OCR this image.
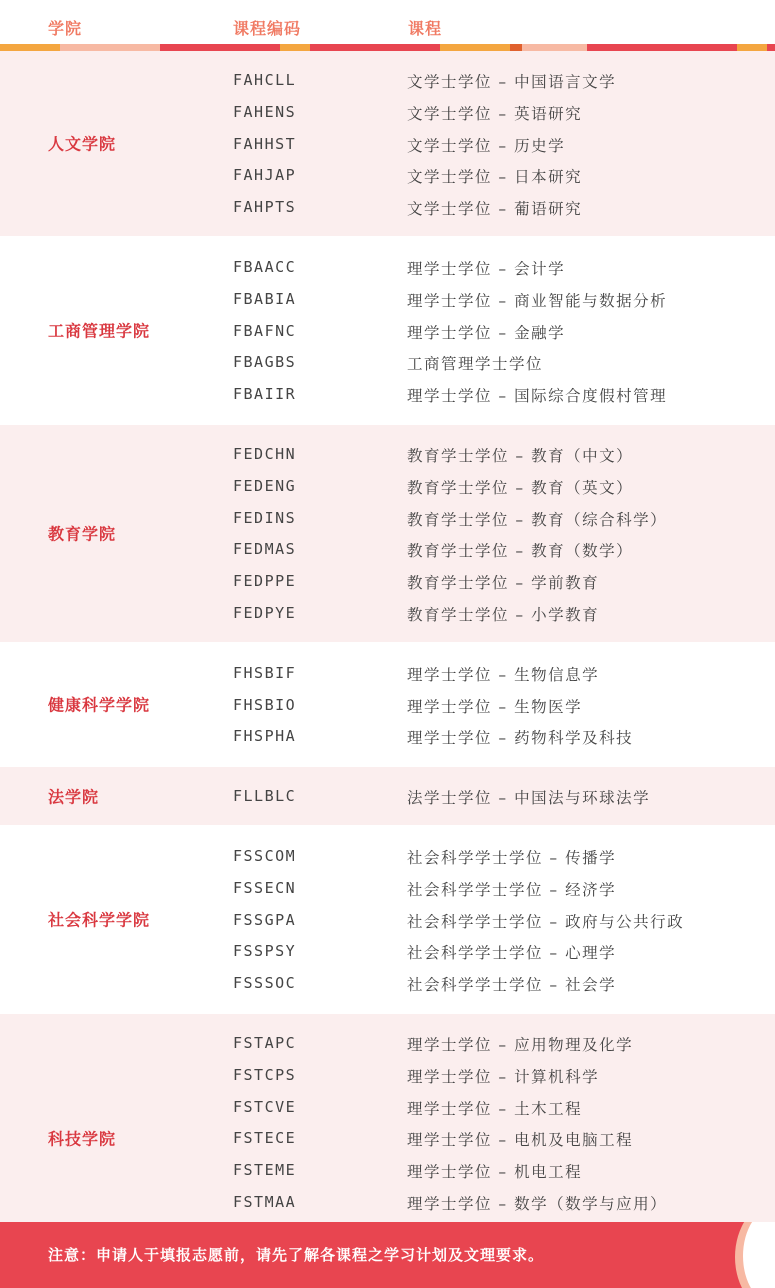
学院	课程编码	课程
人文学院
FAHCLL	文学士学位 – 中国语言文学
FAHENS	文学士学位 – 英语研究
FAHHST	文学士学位 – 历史学
FAHJAP	文学士学位 – 日本研究
FAHPTS	文学士学位 – 葡语研究
工商管理学院
FBAACC	理学士学位 – 会计学
FBABIA	理学士学位 – 商业智能与数据分析
FBAFNC	理学士学位 – 金融学
FBAGBS	工商管理学士学位
FBAIIR	理学士学位 – 国际综合度假村管理
教育学院
FEDCHN	教育学士学位 – 教育（中文）
FEDENG	教育学士学位 – 教育（英文）
FEDINS	教育学士学位 – 教育（综合科学）
FEDMAS	教育学士学位 – 教育（数学）
FEDPPE	教育学士学位 – 学前教育
FEDPYE	教育学士学位 – 小学教育
健康科学学院
FHSBIF	理学士学位 – 生物信息学
FHSBIO	理学士学位 – 生物医学
FHSPHA	理学士学位 – 药物科学及科技
法学院	FLLBLC	法学士学位 – 中国法与环球法学
社会科学学院
FSSCOM	社会科学学士学位 – 传播学
FSSECN	社会科学学士学位 – 经济学
FSSGPA	社会科学学士学位 – 政府与公共行政
FSSPSY	社会科学学士学位 – 心理学
FSSSOC	社会科学学士学位 – 社会学
科技学院
FSTAPC	理学士学位 – 应用物理及化学
FSTCPS	理学士学位 – 计算机科学
FSTCVE	理学士学位 – 土木工程
FSTECE	理学士学位 – 电机及电脑工程
FSTEME	理学士学位 – 机电工程
FSTMAA	理学士学位 – 数学（数学与应用）
注意：申请人于填报志愿前，请先了解各课程之学习计划及文理要求。
